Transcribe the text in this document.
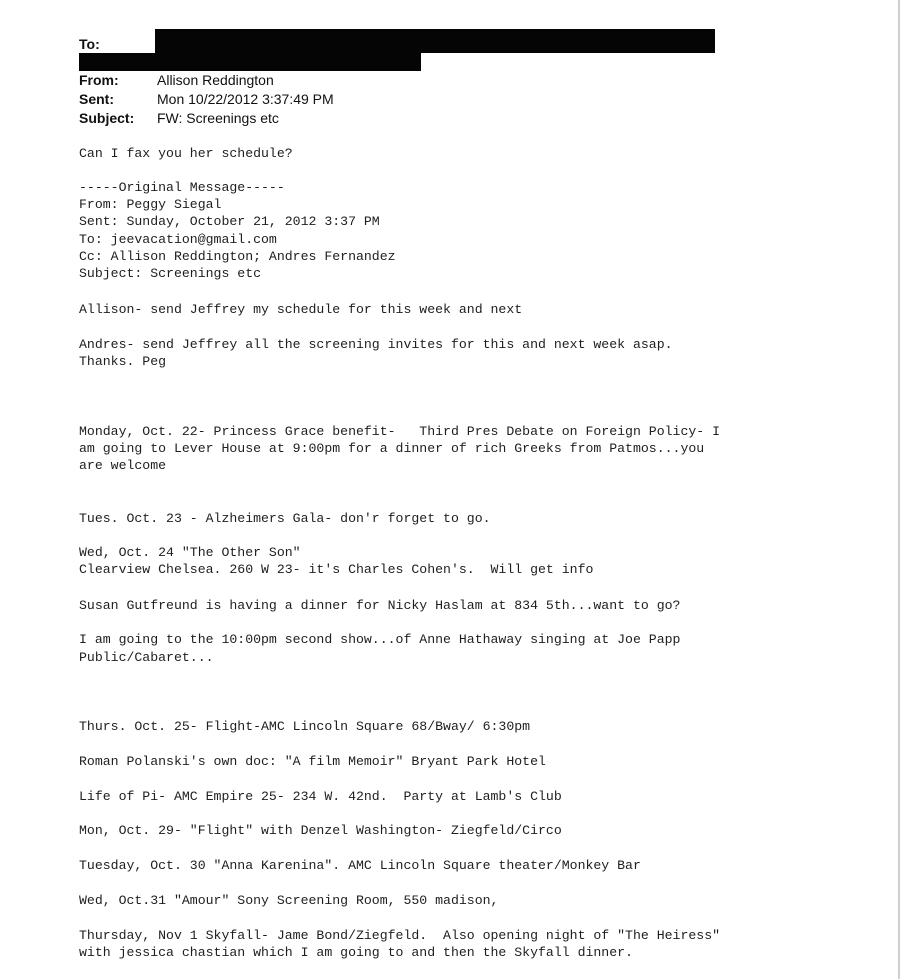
To:
From:	Allison Reddington
Sent:	Mon 10/22/2012 3:37:49 PM
Subject: FW: Screenings etc
Can I fax you her schedule?
-----Original Message-----
From: Peggy Siegal
Sent: Sunday, October 21, 2012 3:37 PM
To: jeevacation@gmail.com
Cc: Allison Reddington; Andres Fernandez
Subject: Screenings etc
Allison- send Jeffrey my schedule for this week and next
Andres- send Jeffrey all the screening invites for this and next week asap.
Thanks. Peg
Monday, Oct. 22- Princess Grace benefit-   Third Pres Debate on Foreign Policy- I
am going to Lever House at 9:00pm for a dinner of rich Greeks from Patmos...you
are welcome
Tues. Oct. 23 - Alzheimers Gala- don'r forget to go.
Wed, Oct. 24 "The Other Son"
Clearview Chelsea. 260 W 23- it's Charles Cohen's.  Will get info
Susan Gutfreund is having a dinner for Nicky Haslam at 834 5th...want to go?
I am going to the 10:00pm second show...of Anne Hathaway singing at Joe Papp
Public/Cabaret...
Thurs. Oct. 25- Flight-AMC Lincoln Square 68/Bway/ 6:30pm
Roman Polanski's own doc: "A film Memoir" Bryant Park Hotel
Life of Pi- AMC Empire 25- 234 W. 42nd.  Party at Lamb's Club
Mon, Oct. 29- "Flight" with Denzel Washington- Ziegfeld/Circo
Tuesday, Oct. 30 "Anna Karenina". AMC Lincoln Square theater/Monkey Bar
Wed, Oct.31 "Amour" Sony Screening Room, 550 madison,
Thursday, Nov 1 Skyfall- Jame Bond/Ziegfeld.  Also opening night of "The Heiress"
with jessica chastian which I am going to and then the Skyfall dinner.
